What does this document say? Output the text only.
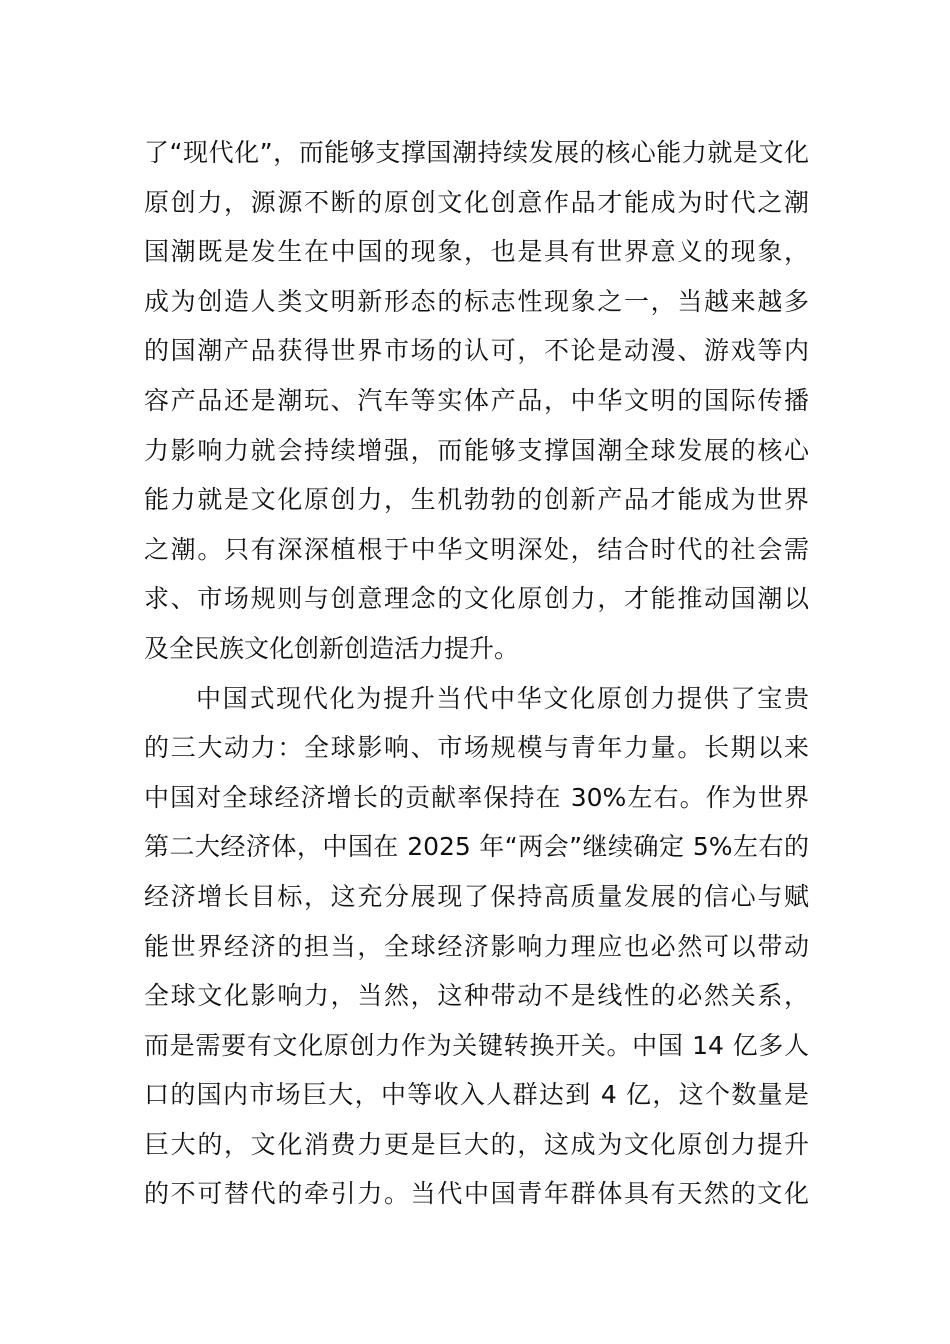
了“现代化”，而能够支撑国潮持续发展的核心能力就是文化
原创力，源源不断的原创文化创意作品才能成为时代之潮
国潮既是发生在中国的现象，也是具有世界意义的现象，
成为创造人类文明新形态的标志性现象之一，当越来越多
的国潮产品获得世界市场的认可，不论是动漫、游戏等内
容产品还是潮玩、汽车等实体产品，中华文明的国际传播
力影响力就会持续增强，而能够支撑国潮全球发展的核心
能力就是文化原创力，生机勃勃的创新产品才能成为世界
之潮。只有深深植根于中华文明深处，结合时代的社会需
求、市场规则与创意理念的文化原创力，才能推动国潮以
及全民族文化创新创造活力提升。
中国式现代化为提升当代中华文化原创力提供了宝贵
的三大动力：全球影响、市场规模与青年力量。长期以来
中国对全球经济增长的贡献率保持在 30%左右。作为世界
第二大经济体，中国在 2025 年“两会”继续确定 5%左右的
经济增长目标，这充分展现了保持高质量发展的信心与赋
能世界经济的担当，全球经济影响力理应也必然可以带动
全球文化影响力，当然，这种带动不是线性的必然关系，
而是需要有文化原创力作为关键转换开关。中国 14 亿多人
口的国内市场巨大，中等收入人群达到 4 亿，这个数量是
巨大的，文化消费力更是巨大的，这成为文化原创力提升
的不可替代的牵引力。当代中国青年群体具有天然的文化
